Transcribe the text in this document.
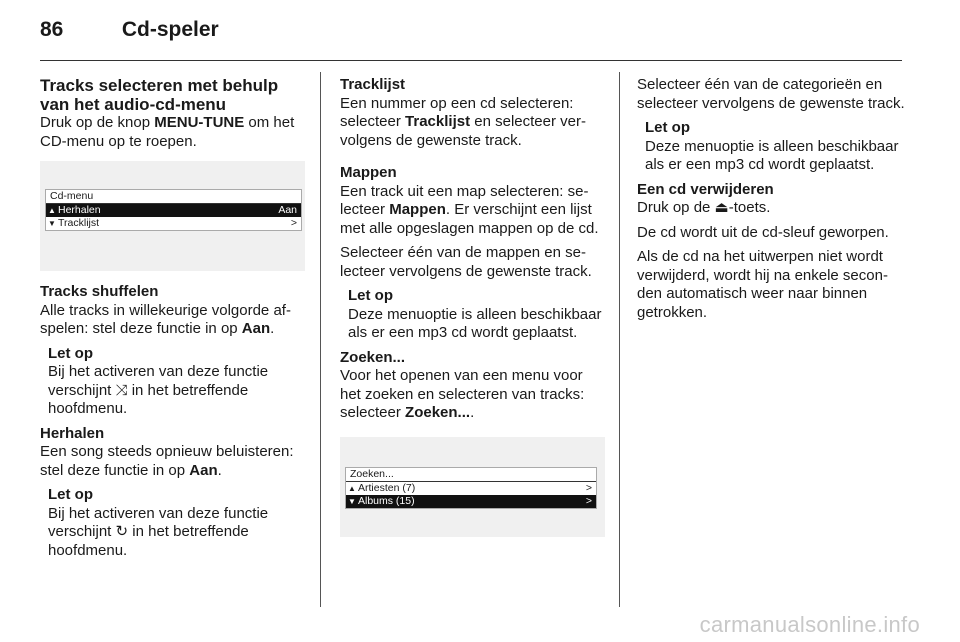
86	Cd-speler
Tracks selecteren met behulp van het audio-cd-menu

Druk op de knop MENU-TUNE om het CD-menu op te roepen.

Cd-menu
▲ Herhalen	Aan
▼ Tracklijst	>
Tracks shuffelen

Alle tracks in willekeurige volgorde afspelen: stel deze functie in op Aan.

Let op
Bij het activeren van deze functie verschijnt ⤨ in het betreffende hoofdmenu.
Herhalen

Een song steeds opnieuw beluisteren: stel deze functie in op Aan.

Let op
Bij het activeren van deze functie verschijnt ↻ in het betreffende hoofdmenu.
Tracklijst

Een nummer op een cd selecteren: selecteer Tracklijst en selecteer vervolgens de gewenste track.

Mappen

Een track uit een map selecteren: selecteer Mappen. Er verschijnt een lijst met alle opgeslagen mappen op de cd.

Selecteer één van de mappen en selecteer vervolgens de gewenste track.

Let op
Deze menuoptie is alleen beschikbaar als er een mp3 cd wordt geplaatst.
Zoeken...

Voor het openen van een menu voor het zoeken en selecteren van tracks: selecteer Zoeken....

Zoeken...
▲ Artiesten (7)	>
▼ Albums (15)	>

Selecteer één van de categorieën en selecteer vervolgens de gewenste track.

Let op
Deze menuoptie is alleen beschikbaar als er een mp3 cd wordt geplaatst.
Een cd verwijderen

Druk op de ⏏-toets.

De cd wordt uit de cd-sleuf geworpen.

Als de cd na het uitwerpen niet wordt verwijderd, wordt hij na enkele seconden automatisch weer naar binnen getrokken.

carmanualsonline.info
